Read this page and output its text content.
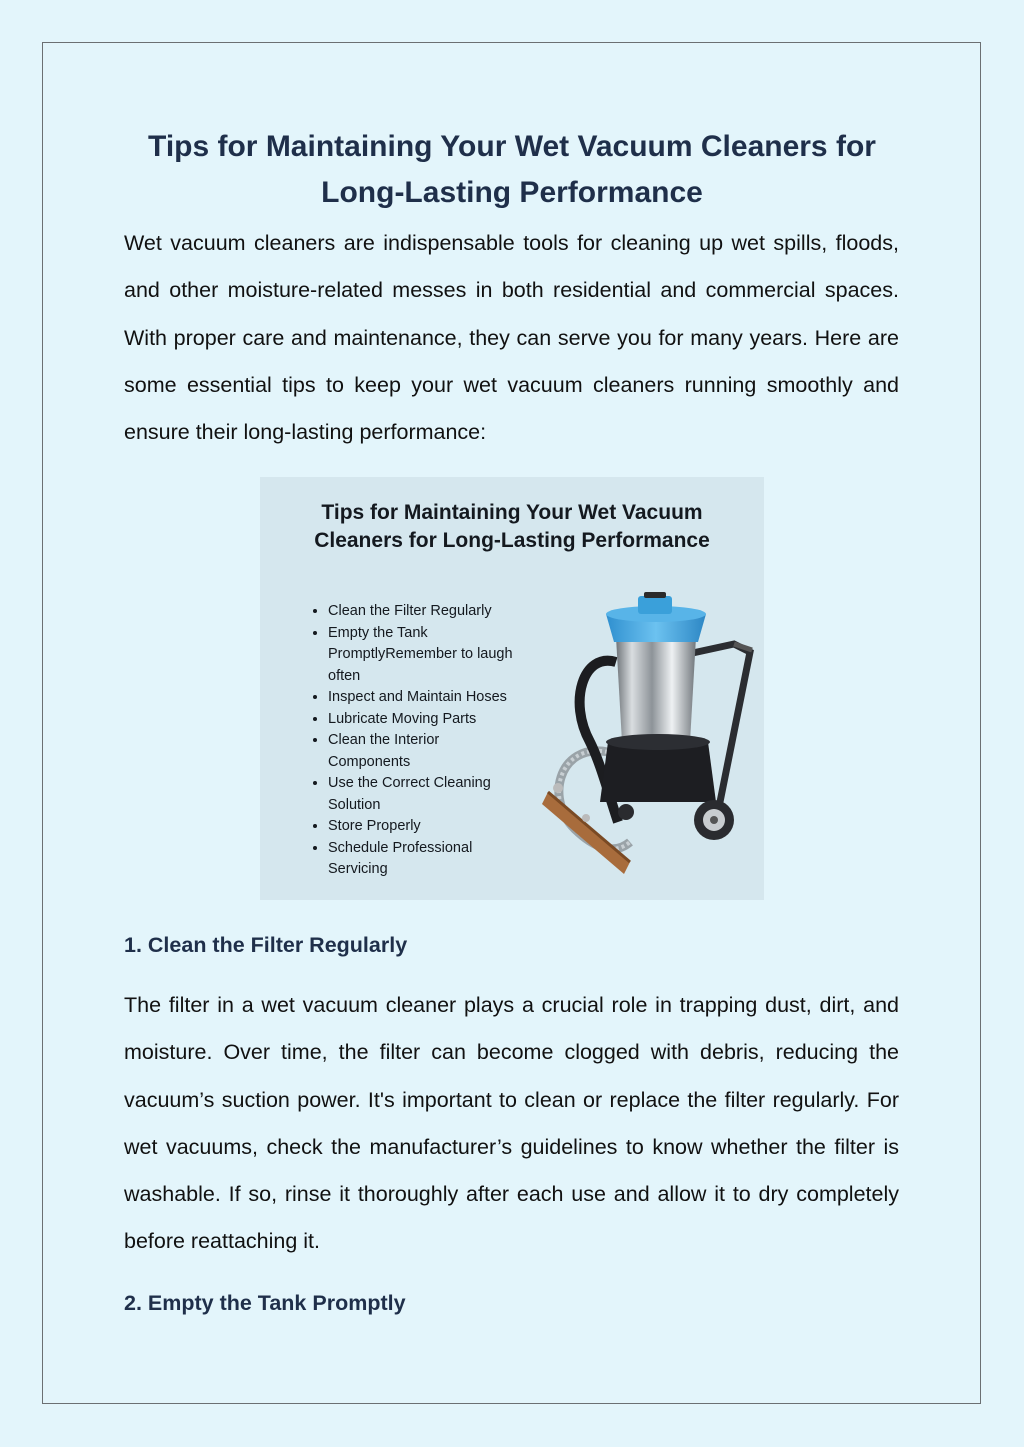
Tips for Maintaining Your Wet Vacuum Cleaners for Long-Lasting Performance

Wet vacuum cleaners are indispensable tools for cleaning up wet spills, floods, and other moisture-related messes in both residential and commercial spaces. With proper care and maintenance, they can serve you for many years. Here are some essential tips to keep your wet vacuum cleaners running smoothly and ensure their long-lasting performance:

Tips for Maintaining Your Wet Vacuum Cleaners for Long-Lasting Performance
• Clean the Filter Regularly
• Empty the Tank PromptlyRemember to laugh often
• Inspect and Maintain Hoses
• Lubricate Moving Parts
• Clean the Interior Components
• Use the Correct Cleaning Solution
• Store Properly
• Schedule Professional Servicing
1. Clean the Filter Regularly

The filter in a wet vacuum cleaner plays a crucial role in trapping dust, dirt, and moisture. Over time, the filter can become clogged with debris, reducing the vacuum’s suction power. It's important to clean or replace the filter regularly. For wet vacuums, check the manufacturer’s guidelines to know whether the filter is washable. If so, rinse it thoroughly after each use and allow it to dry completely before reattaching it.

2. Empty the Tank Promptly
